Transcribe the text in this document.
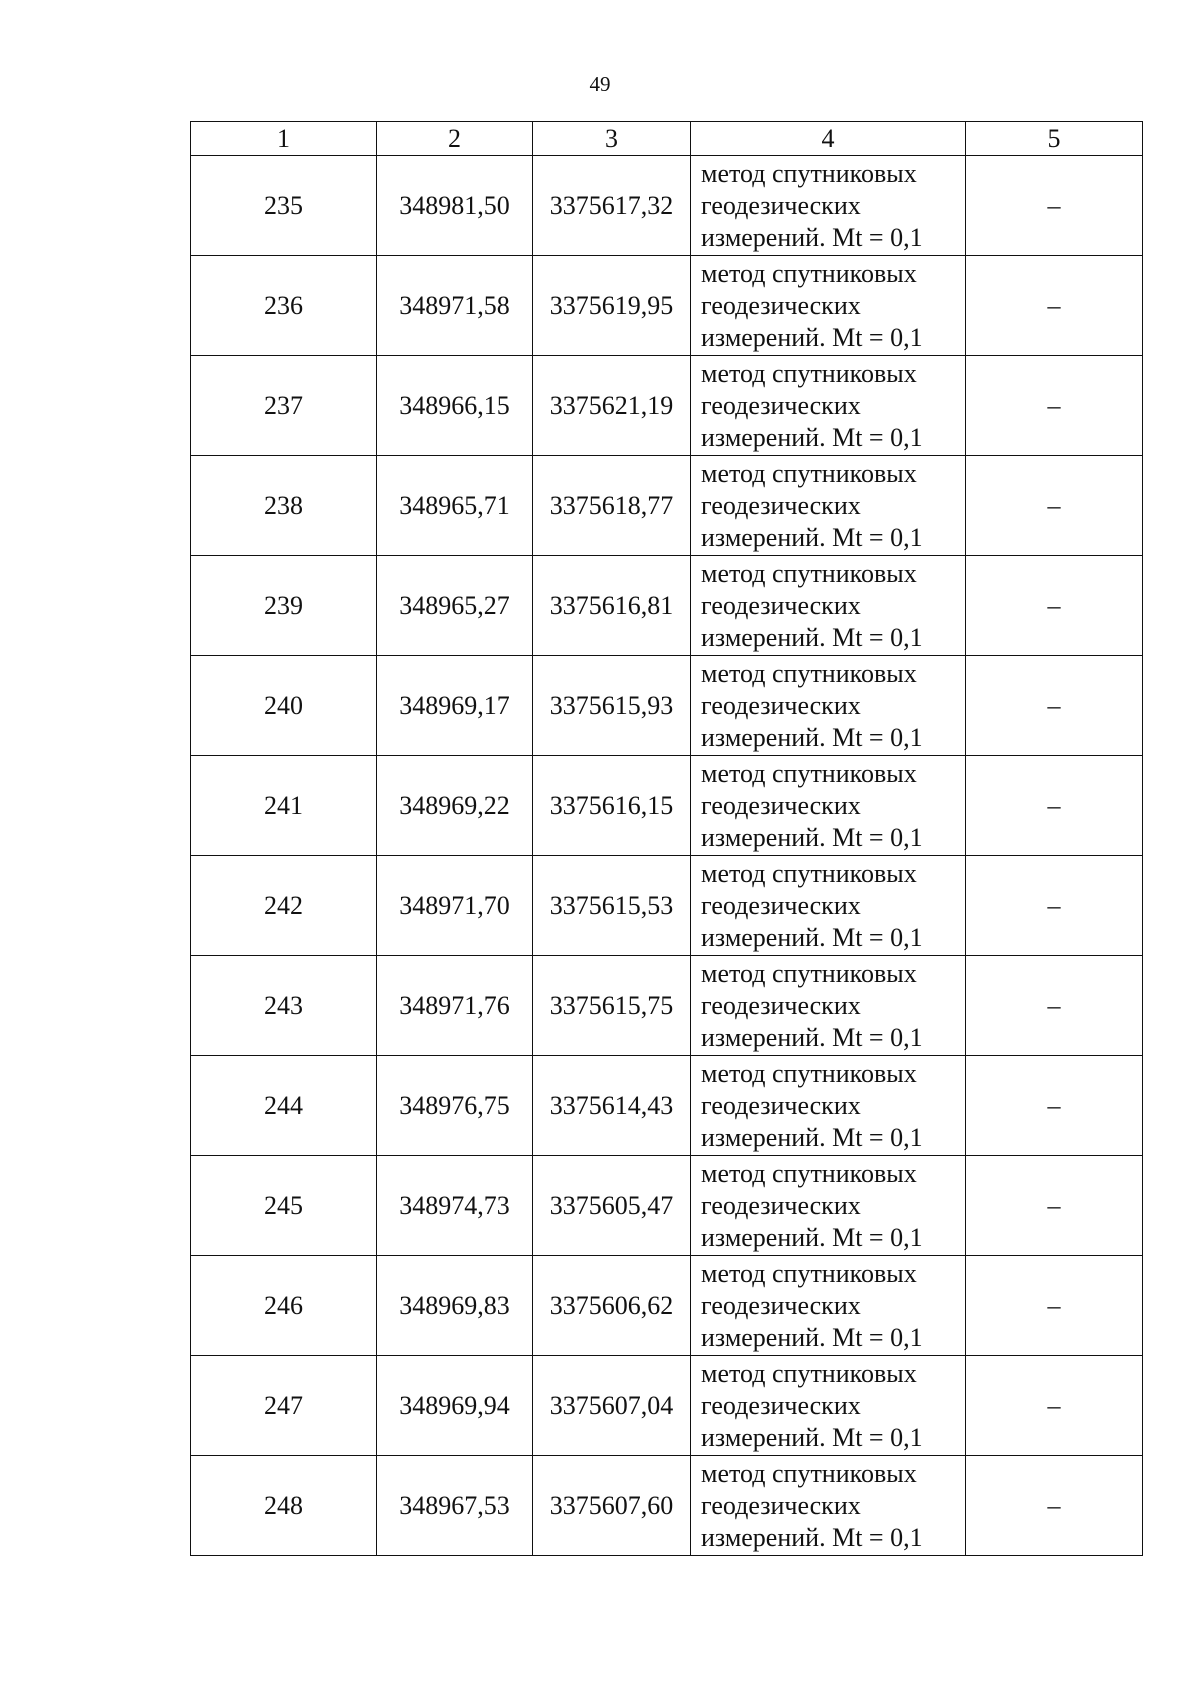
49
1	2	3	4	5
235	348981,50	3375617,32	метод спутниковых
геодезических
измерений. Mt = 0,1	–
236	348971,58	3375619,95	метод спутниковых
геодезических
измерений. Mt = 0,1	–
237	348966,15	3375621,19	метод спутниковых
геодезических
измерений. Mt = 0,1	–
238	348965,71	3375618,77	метод спутниковых
геодезических
измерений. Mt = 0,1	–
239	348965,27	3375616,81	метод спутниковых
геодезических
измерений. Mt = 0,1	–
240	348969,17	3375615,93	метод спутниковых
геодезических
измерений. Mt = 0,1	–
241	348969,22	3375616,15	метод спутниковых
геодезических
измерений. Mt = 0,1	–
242	348971,70	3375615,53	метод спутниковых
геодезических
измерений. Mt = 0,1	–
243	348971,76	3375615,75	метод спутниковых
геодезических
измерений. Mt = 0,1	–
244	348976,75	3375614,43	метод спутниковых
геодезических
измерений. Mt = 0,1	–
245	348974,73	3375605,47	метод спутниковых
геодезических
измерений. Mt = 0,1	–
246	348969,83	3375606,62	метод спутниковых
геодезических
измерений. Mt = 0,1	–
247	348969,94	3375607,04	метод спутниковых
геодезических
измерений. Mt = 0,1	–
248	348967,53	3375607,60	метод спутниковых
геодезических
измерений. Mt = 0,1	–
